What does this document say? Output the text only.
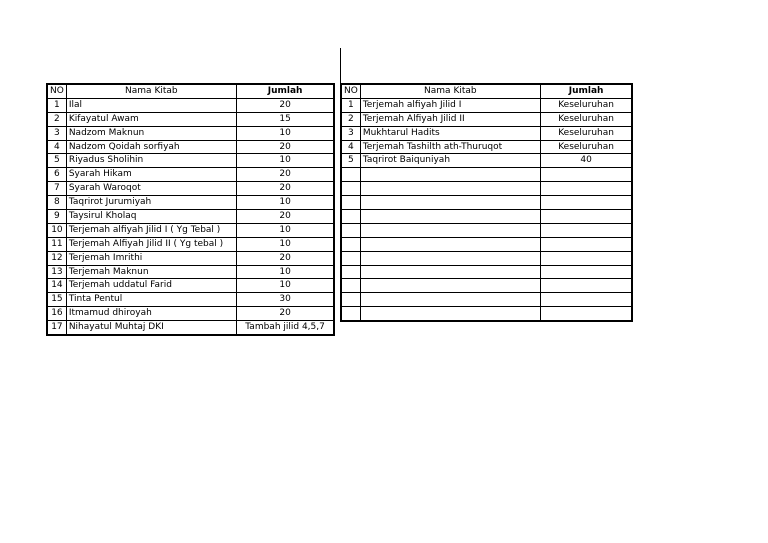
NO	Nama Kitab	Jumlah
1	Ilal	20
2	Kifayatul Awam	15
3	Nadzom Maknun	10
4	Nadzom Qoidah sorfiyah	20
5	Riyadus Sholihin	10
6	Syarah Hikam	20
7	Syarah Waroqot	20
8	Taqrirot Jurumiyah	10
9	Taysirul Kholaq	20
10	Terjemah alfiyah Jilid I ( Yg Tebal )	10
11	Terjemah Alfiyah Jilid II ( Yg tebal )	10
12	Terjemah Imrithi	20
13	Terjemah Maknun	10
14	Terjemah uddatul Farid	10
15	Tinta Pentul	30
16	Itmamud dhiroyah	20
17	Nihayatul Muhtaj DKI	Tambah jilid 4,5,7
NO	Nama Kitab	Jumlah
1	Terjemah alfiyah Jilid I	Keseluruhan
2	Terjemah Alfiyah Jilid II	Keseluruhan
3	Mukhtarul Hadits	Keseluruhan
4	Terjemah Tashilth ath-Thuruqot	Keseluruhan
5	Taqrirot Baiquniyah	40
